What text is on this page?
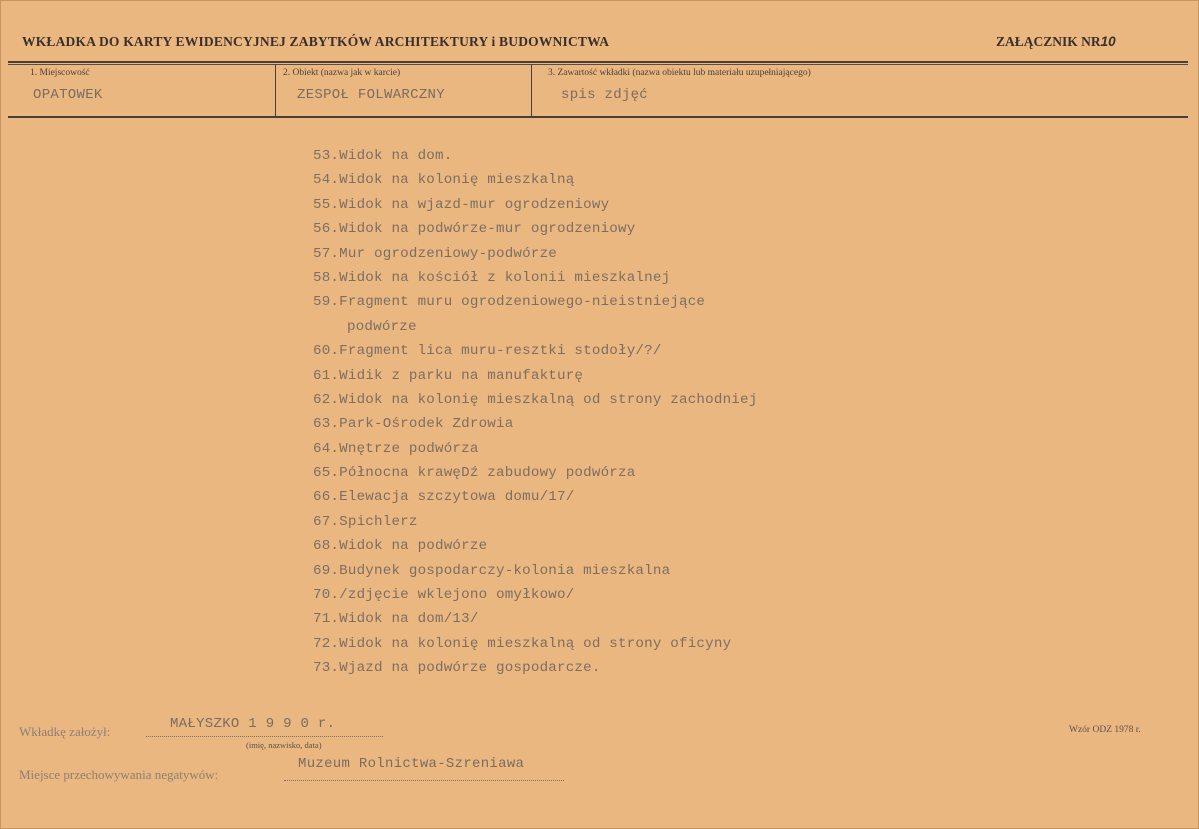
WKŁADKA DO KARTY EWIDENCYJNEJ ZABYTKÓW ARCHITEKTURY i BUDOWNICTWA	ZAŁĄCZNIK NR10
1. Miejscowość
OPATOWEK
2. Obiekt (nazwa jak w karcie)
ZESPOŁ FOLWARCZNY
3. Zawartość wkładki (nazwa obiektu lub materiału uzupełniającego)
spis zdjęć
53.Widok na dom.
54.Widok na kolonię mieszkalną
55.Widok na wjazd-mur ogrodzeniowy
56.Widok na podwórze-mur ogrodzeniowy
57.Mur ogrodzeniowy-podwórze
58.Widok na kościół z kolonii mieszkalnej
59.Fragment muru ogrodzeniowego-nieistniejące
podwórze
60.Fragment lica muru-resztki stodoły/?/
61.Widik z parku na manufakturę
62.Widok na kolonię mieszkalną od strony zachodniej
63.Park-Ośrodek Zdrowia
64.Wnętrze podwórza
65.Północna krawęDź zabudowy podwórza
66.Elewacja szczytowa domu/17/
67.Spichlerz
68.Widok na podwórze
69.Budynek gospodarczy-kolonia mieszkalna
70./zdjęcie wklejono omyłkowo/
71.Widok na dom/13/
72.Widok na kolonię mieszkalną od strony oficyny
73.Wjazd na podwórze gospodarcze.
Wkładkę założył:	MAŁYSZKO 1 9 9 0 r.
(imię, nazwisko, data)
Miejsce przechowywania negatywów:
Muzeum Rolnictwa-Szreniawa
Wzór ODZ 1978 r.
